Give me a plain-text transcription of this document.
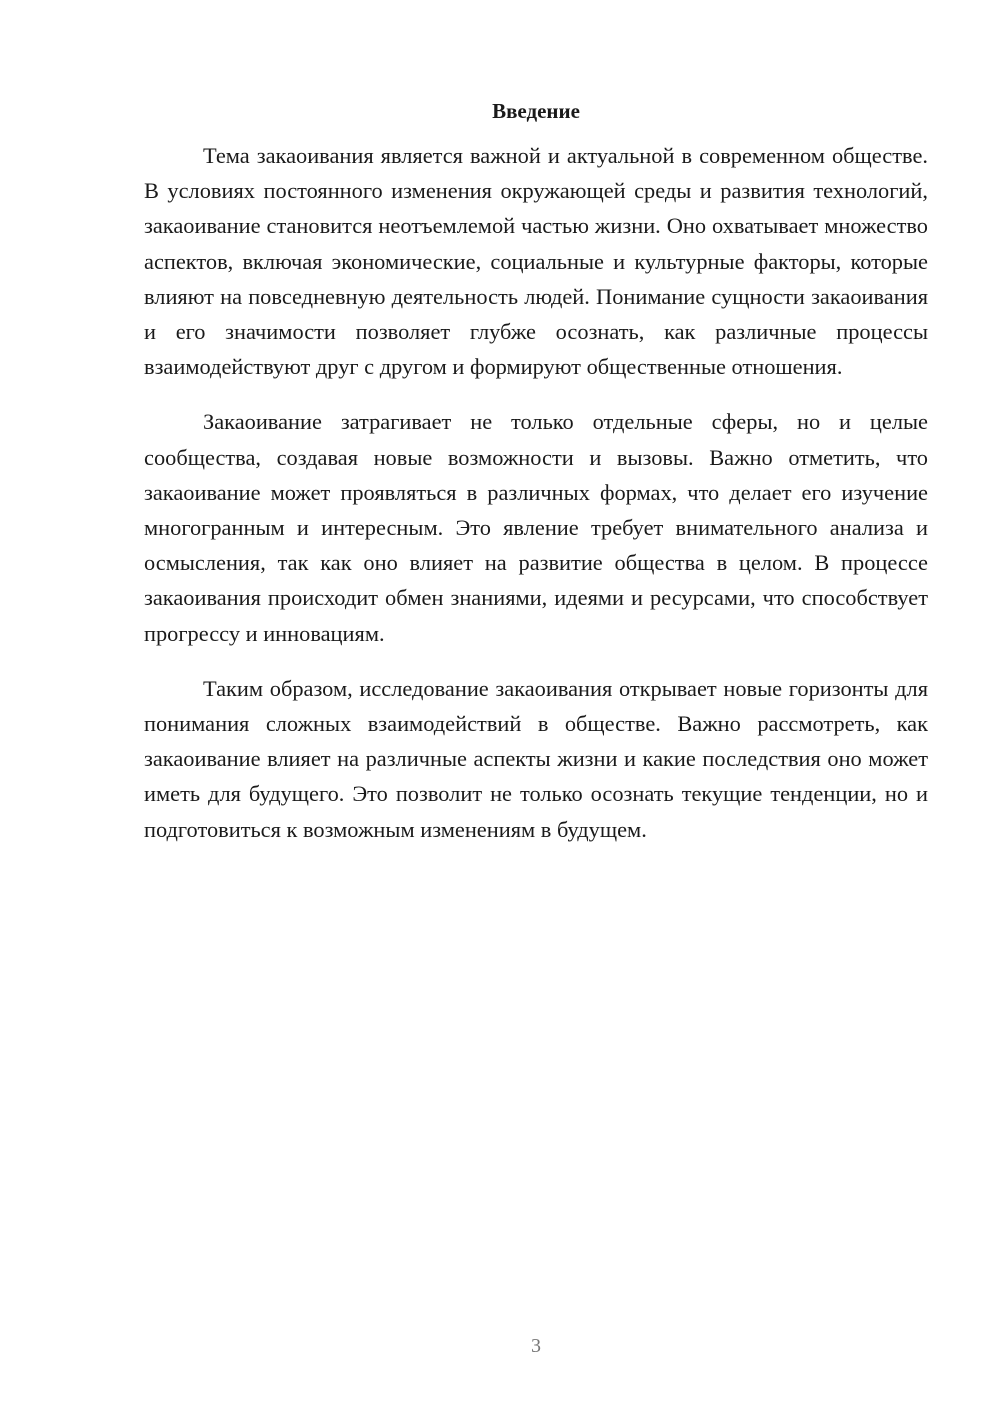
Введение

Тема закаоивания является важной и актуальной в современном обществе. В условиях постоянного изменения окружающей среды и развития технологий, закаоивание становится неотъемлемой частью жизни. Оно охватывает множество аспектов, включая экономические, социальные и культурные факторы, которые влияют на повседневную деятельность людей. Понимание сущности закаоивания и его значимости позволяет глубже осознать, как различные процессы взаимодействуют друг с другом и формируют общественные отношения.

Закаоивание затрагивает не только отдельные сферы, но и целые сообщества, создавая новые возможности и вызовы. Важно отметить, что закаоивание может проявляться в различных формах, что делает его изучение многогранным и интересным. Это явление требует внимательного анализа и осмысления, так как оно влияет на развитие общества в целом. В процессе закаоивания происходит обмен знаниями, идеями и ресурсами, что способствует прогрессу и инновациям.

Таким образом, исследование закаоивания открывает новые горизонты для понимания сложных взаимодействий в обществе. Важно рассмотреть, как закаоивание влияет на различные аспекты жизни и какие последствия оно может иметь для будущего. Это позволит не только осознать текущие тенденции, но и подготовиться к возможным изменениям в будущем.

3
